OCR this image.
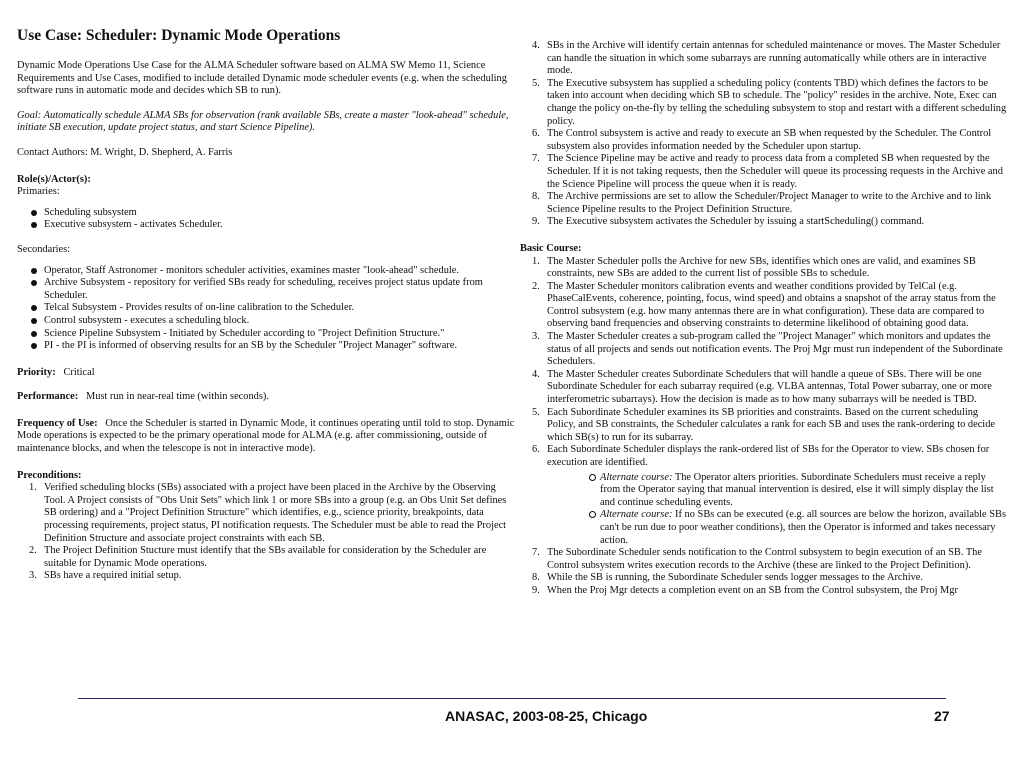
Use Case: Scheduler: Dynamic Mode Operations

Dynamic Mode Operations Use Case for the ALMA Scheduler software based on ALMA SW Memo 11, Science Requirements and Use Cases, modified to include detailed Dynamic mode scheduler events (e.g. when the scheduling software runs in automatic mode and decides which SB to run).

Goal: Automatically schedule ALMA SBs for observation (rank available SBs, create a master "look-ahead" schedule, initiate SB execution, update project status, and start Science Pipeline).

Contact Authors: M. Wright, D. Shepherd, A. Farris

Role(s)/Actor(s):

Primaries:

Scheduling subsystem
Executive subsystem - activates Scheduler.

Secondaries:

Operator, Staff Astronomer - monitors scheduler activities, examines master "look-ahead" schedule.
Archive Subsystem - repository for verified SBs ready for scheduling, receives project status update from Scheduler.
Telcal Subsystem - Provides results of on-line calibration to the Scheduler.
Control subsystem - executes a scheduling block.
Science Pipeline Subsystem - Initiated by Scheduler according to "Project Definition Structure."
PI - the PI is informed of observing results for an SB by the Scheduler "Project Manager" software.

Priority: Critical

Performance: Must run in near-real time (within seconds).

Frequency of Use: Once the Scheduler is started in Dynamic Mode, it continues operating until told to stop. Dynamic Mode operations is expected to be the primary operational mode for ALMA (e.g. after commissioning, outside of maintenance blocks, and when the telescope is not in interactive mode).

Preconditions:

1. Verified scheduling blocks (SBs) associated with a project have been placed in the Archive by the Observing Tool. A Project consists of "Obs Unit Sets" which link 1 or more SBs into a group (e.g. an Obs Unit Set defines SB ordering) and a "Project Definition Structure" which identifies, e.g., science priority, breakpoints, data processing requirements, project status, PI notification requests. The Scheduler must be able to read the Project Definition Structure and associate project constraints with each SB.
2. The Project Definition Stucture must identify that the SBs available for consideration by the Scheduler are suitable for Dynamic Mode operations.
3. SBs have a required initial setup.
4. SBs in the Archive will identify certain antennas for scheduled maintenance or moves. The Master Scheduler can handle the situation in which some subarrays are running automatically while others are in interactive mode.
5. The Executive subsystem has supplied a scheduling policy (contents TBD) which defines the factors to be taken into account when deciding which SB to schedule. The "policy" resides in the archive. Note, Exec can change the policy on-the-fly by telling the scheduling subsystem to stop and restart with a different scheduling policy.
6. The Control subsystem is active and ready to execute an SB when requested by the Scheduler. The Control subsystem also provides information needed by the Scheduler upon startup.
7. The Science Pipeline may be active and ready to process data from a completed SB when requested by the Scheduler. If it is not taking requests, then the Scheduler will queue its processing requests in the Archive and the Science Pipeline will process the queue when it is ready.
8. The Archive permissions are set to allow the Scheduler/Project Manager to write to the Archive and to link Science Pipeline results to the Project Definition Structure.
9. The Executive subsystem activates the Scheduler by issuing a startScheduling() command.

Basic Course:

1. The Master Scheduler polls the Archive for new SBs, identifies which ones are valid, and examines SB constraints, new SBs are added to the current list of possible SBs to schedule.
2. The Master Scheduler monitors calibration events and weather conditions provided by TelCal (e.g. PhaseCalEvents, coherence, pointing, focus, wind speed) and obtains a snapshot of the array status from the Control subsystem (e.g. how many antennas there are in what configuration). These data are compared to observing band frequencies and observing constraints to determine likelihood of obtaining good data.
3. The Master Scheduler creates a sub-program called the "Project Manager" which monitors and updates the status of all projects and sends out notification events. The Proj Mgr must run independent of the Subordinate Schedulers.
4. The Master Scheduler creates Subordinate Schedulers that will handle a queue of SBs. There will be one Subordinate Scheduler for each subarray required (e.g. VLBA antennas, Total Power subarray, one or more interferometric subarrays). How the decision is made as to how many subarrays will be needed is TBD.
5. Each Subordinate Scheduler examines its SB priorities and constraints. Based on the current scheduling Policy, and SB constraints, the Scheduler calculates a rank for each SB and uses the rank-ordering to decide which SB(s) to run for its subarray.
6. Each Subordinate Scheduler displays the rank-ordered list of SBs for the Operator to view. SBs chosen for execution are identified.
Alternate course: The Operator alters priorities. Subordinate Schedulers must receive a reply from the Operator saying that manual intervention is desired, else it will simply display the list and continue scheduling events.
Alternate course: If no SBs can be executed (e.g. all sources are below the horizon, available SBs can't be run due to poor weather conditions), then the Operator is informed and takes necessary action.
7. The Subordinate Scheduler sends notification to the Control subsystem to begin execution of an SB. The Control subsystem writes execution records to the Archive (these are linked to the Project Definition).
8. While the SB is running, the Subordinate Scheduler sends logger messages to the Archive.
9. When the Proj Mgr detects a completion event on an SB from the Control subsystem, the Proj Mgr
ANASAC, 2003-08-25, Chicago	27
